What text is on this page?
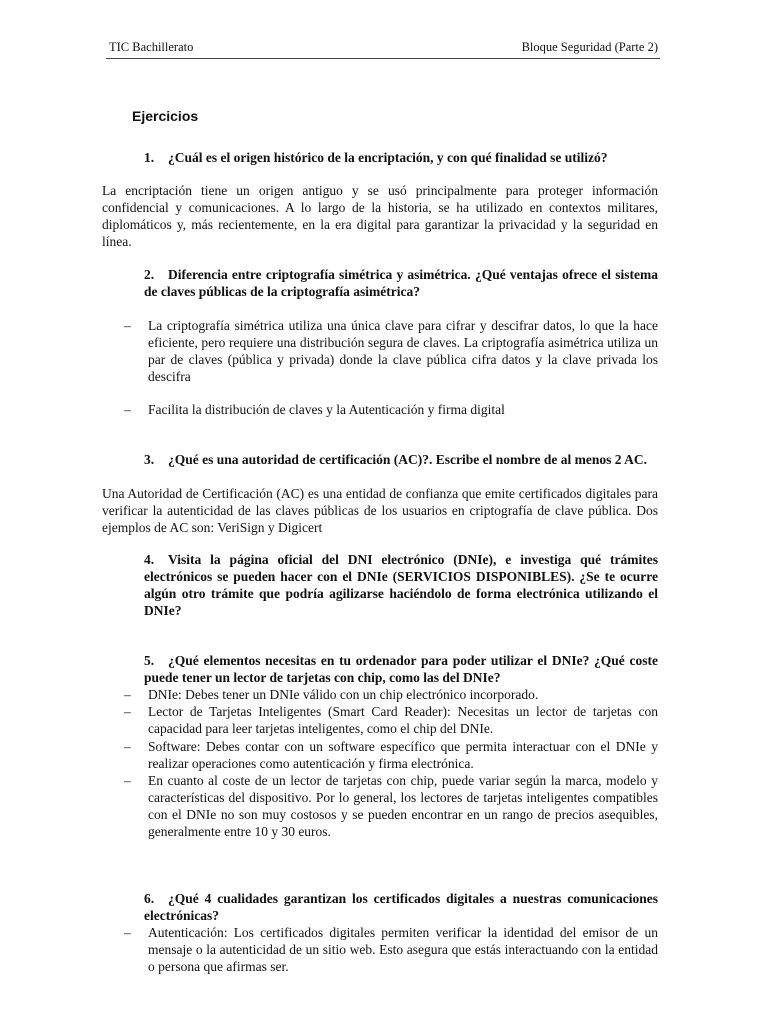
TIC Bachillerato	Bloque Seguridad (Parte 2)
Ejercicios
1. ¿Cuál es el origen histórico de la encriptación, y con qué finalidad se utilizó?
La encriptación tiene un origen antiguo y se usó principalmente para proteger información confidencial y comunicaciones. A lo largo de la historia, se ha utilizado en contextos militares, diplomáticos y, más recientemente, en la era digital para garantizar la privacidad y la seguridad en línea.
2. Diferencia entre criptografía simétrica y asimétrica. ¿Qué ventajas ofrece el sistema de claves públicas de la criptografía asimétrica?
– La criptografía simétrica utiliza una única clave para cifrar y descifrar datos, lo que la hace eficiente, pero requiere una distribución segura de claves. La criptografía asimétrica utiliza un par de claves (pública y privada) donde la clave pública cifra datos y la clave privada los descifra
– Facilita la distribución de claves y la Autenticación y firma digital
3. ¿Qué es una autoridad de certificación (AC)?. Escribe el nombre de al menos 2 AC.
Una Autoridad de Certificación (AC) es una entidad de confianza que emite certificados digitales para verificar la autenticidad de las claves públicas de los usuarios en criptografía de clave pública. Dos ejemplos de AC son: VeriSign y Digicert
4. Visita la página oficial del DNI electrónico (DNIe), e investiga qué trámites electrónicos se pueden hacer con el DNIe (SERVICIOS DISPONIBLES). ¿Se te ocurre algún otro trámite que podría agilizarse haciéndolo de forma electrónica utilizando el DNIe?
5. ¿Qué elementos necesitas en tu ordenador para poder utilizar el DNIe? ¿Qué coste puede tener un lector de tarjetas con chip, como las del DNIe?
– DNIe: Debes tener un DNIe válido con un chip electrónico incorporado.
– Lector de Tarjetas Inteligentes (Smart Card Reader): Necesitas un lector de tarjetas con capacidad para leer tarjetas inteligentes, como el chip del DNIe.
– Software: Debes contar con un software específico que permita interactuar con el DNIe y realizar operaciones como autenticación y firma electrónica.
– En cuanto al coste de un lector de tarjetas con chip, puede variar según la marca, modelo y características del dispositivo. Por lo general, los lectores de tarjetas inteligentes compatibles con el DNIe no son muy costosos y se pueden encontrar en un rango de precios asequibles, generalmente entre 10 y 30 euros.
6. ¿Qué 4 cualidades garantizan los certificados digitales a nuestras comunicaciones electrónicas?
– Autenticación: Los certificados digitales permiten verificar la identidad del emisor de un mensaje o la autenticidad de un sitio web. Esto asegura que estás interactuando con la entidad o persona que afirmas ser.
